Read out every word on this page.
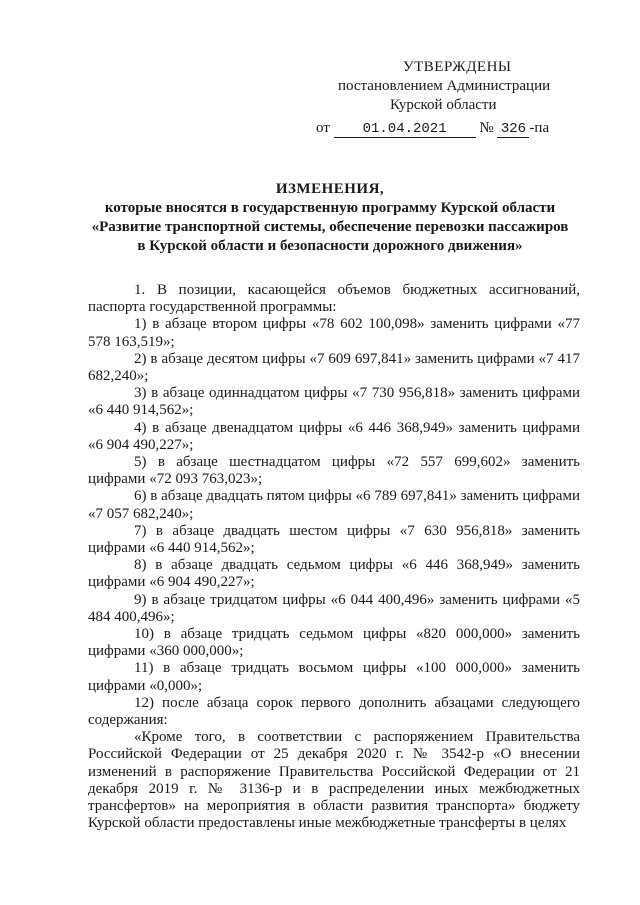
УТВЕРЖДЕНЫ
постановлением Администрации
Курской области
от 01.04.2021 № 326 -па
ИЗМЕНЕНИЯ,
которые вносятся в государственную программу Курской области
«Развитие транспортной системы, обеспечение перевозки пассажиров
в Курской области и безопасности дорожного движения»

1. В позиции, касающейся объемов бюджетных ассигнований, паспорта государственной программы:

1) в абзаце втором цифры «78 602 100,098» заменить цифрами «77 578 163,519»;

2) в абзаце десятом цифры «7 609 697,841» заменить цифрами «7 417 682,240»;

3) в абзаце одиннадцатом цифры «7 730 956,818» заменить цифрами «6 440 914,562»;

4) в абзаце двенадцатом цифры «6 446 368,949» заменить цифрами «6 904 490,227»;

5) в абзаце шестнадцатом цифры «72 557 699,602» заменить цифрами «72 093 763,023»;

6) в абзаце двадцать пятом цифры «6 789 697,841» заменить цифрами «7 057 682,240»;

7) в абзаце двадцать шестом цифры «7 630 956,818» заменить цифрами «6 440 914,562»;

8) в абзаце двадцать седьмом цифры «6 446 368,949» заменить цифрами «6 904 490,227»;

9) в абзаце тридцатом цифры «6 044 400,496» заменить цифрами «5 484 400,496»;

10) в абзаце тридцать седьмом цифры «820 000,000» заменить цифрами «360 000,000»;

11) в абзаце тридцать восьмом цифры «100 000,000» заменить цифрами «0,000»;

12) после абзаца сорок первого дополнить абзацами следующего содержания:

«Кроме того, в соответствии с распоряжением Правительства Российской Федерации от 25 декабря 2020 г. № 3542-р «О внесении изменений в распоряжение Правительства Российской Федерации от 21 декабря 2019 г. № 3136-р и в распределении иных межбюджетных трансфертов» на мероприятия в области развития транспорта» бюджету Курской области предоставлены иные межбюджетные трансферты в целях
